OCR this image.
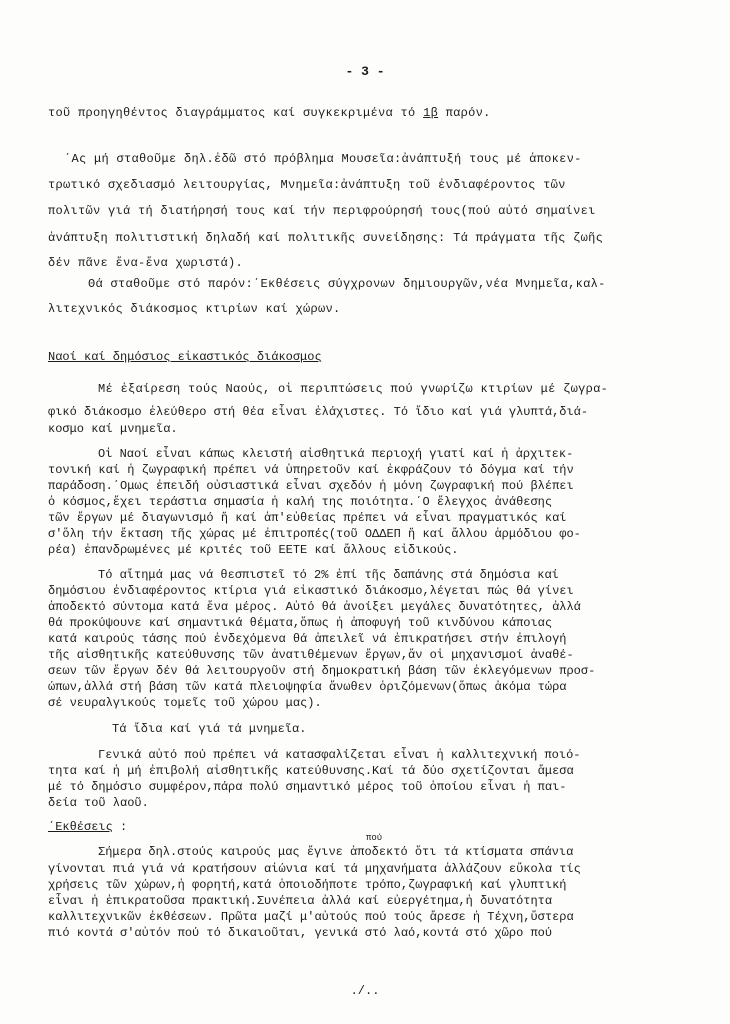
- 3 -
τοῦ προηγηθέντος διαγράμματος καί συγκεκριμένα τό 1β παρόν.
΄Ας μή σταθοῦμε δηλ.ἐδῶ στό πρόβλημα Μουσεῖα:ἀνάπτυξή τους μέ ἀποκεν-
τρωτικό σχεδιασμό λειτουργίας, Μνημεῖα:ἀνάπτυξη τοῦ ἐνδιαφέροντος τῶν
πολιτῶν γιά τή διατήρησή τους καί τήν περιφρούρησή τους(πού αὐτό σημαίνει
ἀνάπτυξη πολιτιστική δηλαδή καί πολιτικῆς συνείδησης: Τά πράγματα τῆς ζωῆς
δέν πᾶνε ἕνα-ἕνα χωριστά).
Θά σταθοῦμε στό παρόν:΄Εκθέσεις σύγχρονων δημιουργῶν,νέα Μνημεῖα,καλ-
λιτεχνικός διάκοσμος κτιρίων καί χώρων.
Ναοί καί δημόσιος εἰκαστικός διάκοσμος
Μέ ἐξαίρεση τούς Ναούς, οἱ περιπτώσεις πού γνωρίζω κτιρίων μέ ζωγρα-
φικό διάκοσμο ἐλεύθερο στή θέα εἶναι ἐλάχιστες. Τό ἴδιο καί γιά γλυπτά,διά-
κοσμο καί μνημεῖα.
Οἱ Ναοί εἶναι κάπως κλειστή αἰσθητικά περιοχή γιατί καί ἡ ἀρχιτεκ-
τονική καί ἡ ζωγραφική πρέπει νά ὑπηρετοῦν καί ἐκφράζουν τό δόγμα καί τήν
παράδοση.΄Ομως ἐπειδή οὐσιαστικά εἶναι σχεδόν ἡ μόνη ζωγραφική πού βλέπει
ὁ κόσμος,ἔχει τεράστια σημασία ἡ καλή της ποιότητα.΄Ο ἔλεγχος ἀνάθεσης
τῶν ἔργων μέ διαγωνισμό ἤ καί ἀπ'εὐθείας πρέπει νά εἶναι πραγματικός καί
σ'ὅλη τήν ἔκταση τῆς χώρας μέ ἐπιτροπές(τοῦ ΟΔΔΕΠ ἤ καί ἄλλου ἁρμόδιου φο-
ρέα) ἐπανδρωμένες μέ κριτές τοῦ ΕΕΤΕ καί ἄλλους εἰδικούς.
Τό αἴτημά μας νά θεσπιστεῖ τό 2% ἐπί τῆς δαπάνης στά δημόσια καί
δημόσιου ἐνδιαφέροντος κτίρια γιά εἰκαστικό διάκοσμο,λέγεται πώς θά γίνει
ἀποδεκτό σύντομα κατά ἕνα μέρος. Αὐτό θά ἀνοίξει μεγάλες δυνατότητες, ἀλλά
θά προκύψουνε καί σημαντικά θέματα,ὅπως ἡ ἀποφυγή τοῦ κινδύνου κάποιας
κατά καιρούς τάσης πού ἐνδεχόμενα θά ἀπειλεῖ νά ἐπικρατήσει στήν ἐπιλογή
τῆς αἰσθητικῆς κατεύθυνσης τῶν ἀνατιθέμενων ἔργων,ἄν οἱ μηχανισμοί ἀναθέ-
σεων τῶν ἔργων δέν θά λειτουργοῦν στή δημοκρατική βάση τῶν ἐκλεγόμενων προσ-
ώπων,ἀλλά στή βάση τῶν κατά πλειοψηφία ἄνωθεν ὁριζόμενων(ὅπως ἀκόμα τώρα
σέ νευραλγικούς τομεῖς τοῦ χώρου μας).
Τά ἴδια καί γιά τά μνημεῖα.
Γενικά αὐτό πού πρέπει νά κατασφαλίζεται εἶναι ἡ καλλιτεχνική ποιό-
τητα καί ἡ μή ἐπιβολή αἰσθητικῆς κατεύθυνσης.Καί τά δύο σχετίζονται ἄμεσα
μέ τό δημόσιο συμφέρον,πάρα πολύ σημαντικό μέρος τοῦ ὁποίου εἶναι ἡ παι-
δεία τοῦ λαοῦ.
΄Εκθέσεις :
πού
Σήμερα δηλ.στούς καιρούς μας ἔγινε ἀποδεκτό ὅτι τά κτίσματα σπάνια
γίνονται πιά γιά νά κρατήσουν αἰώνια καί τά μηχανήματα ἀλλάζουν εὔκολα τίς
χρήσεις τῶν χώρων,ἡ φορητή,κατά ὁποιοδήποτε τρόπο,ζωγραφική καί γλυπτική
εἶναι ἡ ἐπικρατοῦσα πρακτική.Συνέπεια ἀλλά καί εὐεργέτημα,ἡ δυνατότητα
καλλιτεχνικῶν ἐκθέσεων. Πρῶτα μαζί μ'αὐτούς πού τούς ἄρεσε ἡ Τέχνη,ὕστερα
πιό κοντά σ'αὐτόν πού τό δικαιοῦται, γενικά στό λαό,κοντά στό χῶρο πού
./..
